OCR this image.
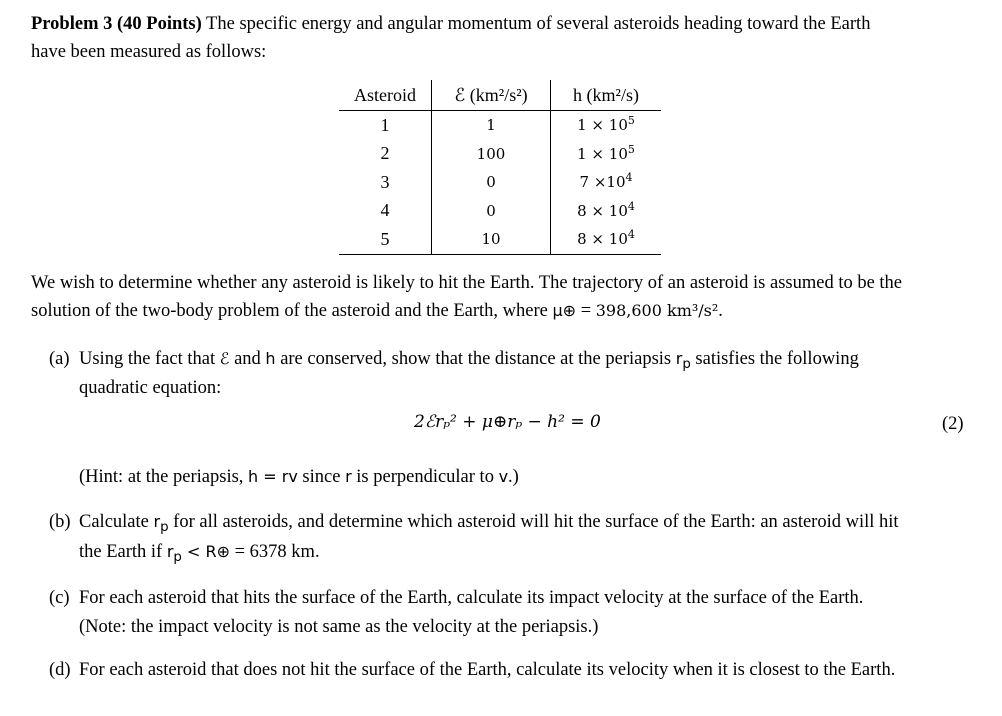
Problem 3 (40 Points) The specific energy and angular momentum of several asteroids heading toward the Earth
have been measured as follows:
Asteroid	ℰ (km²/s²)	h (km²/s)
1	1	$1 \times 10^5$
2	100	$1 \times 10^5$
3	0	$7 \times 10^4$
4	0	$8 \times 10^4$
5	10	$8 \times 10^4$
We wish to determine whether any asteroid is likely to hit the Earth. The trajectory of an asteroid is assumed to be the
solution of the two-body problem of the asteroid and the Earth, where μ⊕ = 398,600 km³/s².
(a) Using the fact that ℰ and h are conserved, show that the distance at the periapsis $r_p$ satisfies the following
quadratic equation:
2ℰrₚ² + μ⊕rₚ − h² = 0	(2)
(Hint: at the periapsis, h = rv since r is perpendicular to v.)
(b) Calculate $r_p$ for all asteroids, and determine which asteroid will hit the surface of the Earth: an asteroid will hit
the Earth if $r_p$ < R⊕ = 6378 km.
(c) For each asteroid that hits the surface of the Earth, calculate its impact velocity at the surface of the Earth.
(Note: the impact velocity is not same as the velocity at the periapsis.)
(d) For each asteroid that does not hit the surface of the Earth, calculate its velocity when it is closest to the Earth.
